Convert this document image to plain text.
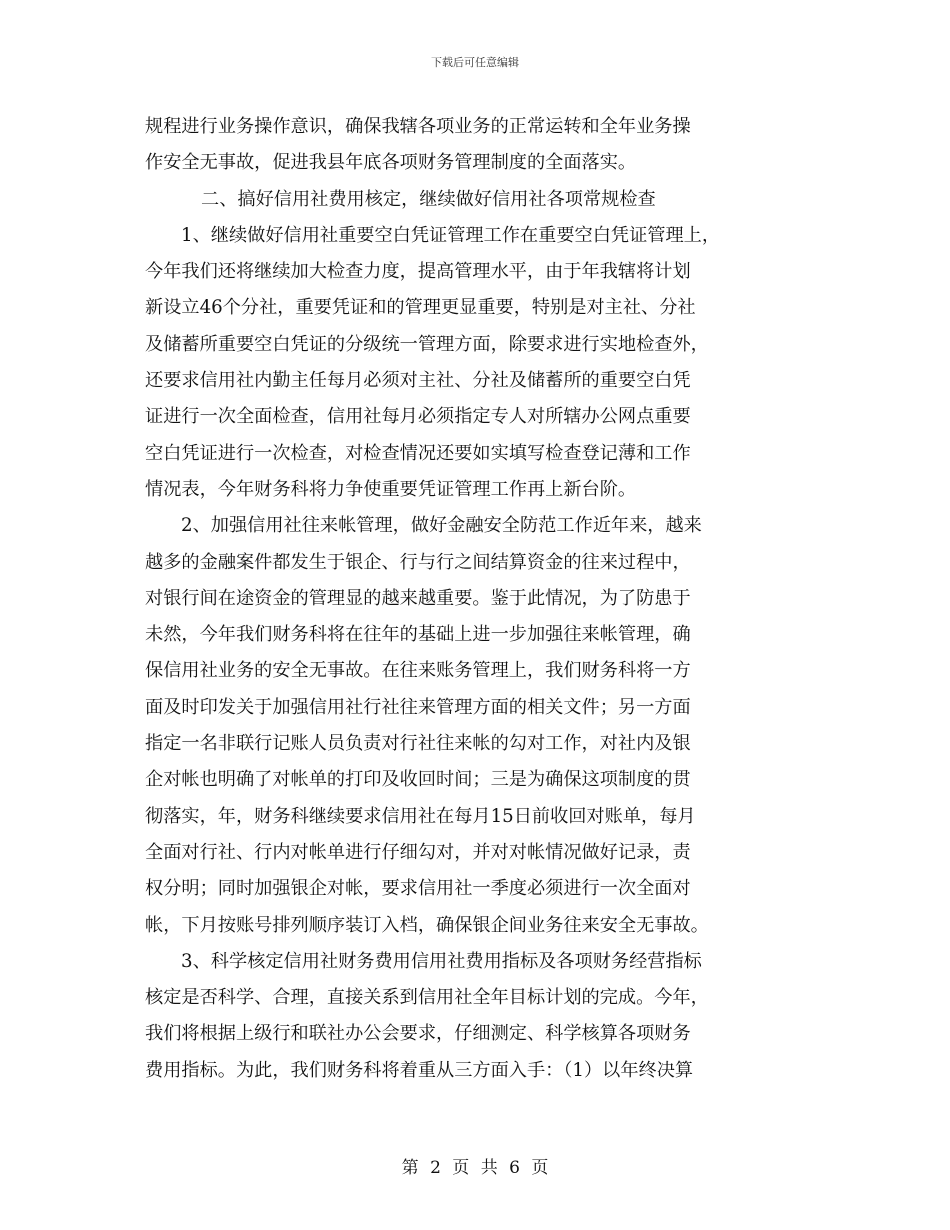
下载后可任意编辑
规程进行业务操作意识，确保我辖各项业务的正常运转和全年业务操
作安全无事故，促进我县年底各项财务管理制度的全面落实。
二、搞好信用社费用核定，继续做好信用社各项常规检查
1、继续做好信用社重要空白凭证管理工作在重要空白凭证管理上，
今年我们还将继续加大检查力度，提高管理水平，由于年我辖将计划
新设立46个分社，重要凭证和的管理更显重要，特别是对主社、分社
及储蓄所重要空白凭证的分级统一管理方面，除要求进行实地检查外，
还要求信用社内勤主任每月必须对主社、分社及储蓄所的重要空白凭
证进行一次全面检查，信用社每月必须指定专人对所辖办公网点重要
空白凭证进行一次检查，对检查情况还要如实填写检查登记薄和工作
情况表，今年财务科将力争使重要凭证管理工作再上新台阶。
2、加强信用社往来帐管理，做好金融安全防范工作近年来，越来
越多的金融案件都发生于银企、行与行之间结算资金的往来过程中，
对银行间在途资金的管理显的越来越重要。鉴于此情况，为了防患于
未然，今年我们财务科将在往年的基础上进一步加强往来帐管理，确
保信用社业务的安全无事故。在往来账务管理上，我们财务科将一方
面及时印发关于加强信用社行社往来管理方面的相关文件；另一方面
指定一名非联行记账人员负责对行社往来帐的勾对工作，对社内及银
企对帐也明确了对帐单的打印及收回时间；三是为确保这项制度的贯
彻落实，年，财务科继续要求信用社在每月15日前收回对账单，每月
全面对行社、行内对帐单进行仔细勾对，并对对帐情况做好记录，责
权分明；同时加强银企对帐，要求信用社一季度必须进行一次全面对
帐，下月按账号排列顺序装订入档，确保银企间业务往来安全无事故。
3、科学核定信用社财务费用信用社费用指标及各项财务经营指标
核定是否科学、合理，直接关系到信用社全年目标计划的完成。今年，
我们将根据上级行和联社办公会要求，仔细测定、科学核算各项财务
费用指标。为此，我们财务科将着重从三方面入手：（1）以年终决算
第 2 页 共 6 页
